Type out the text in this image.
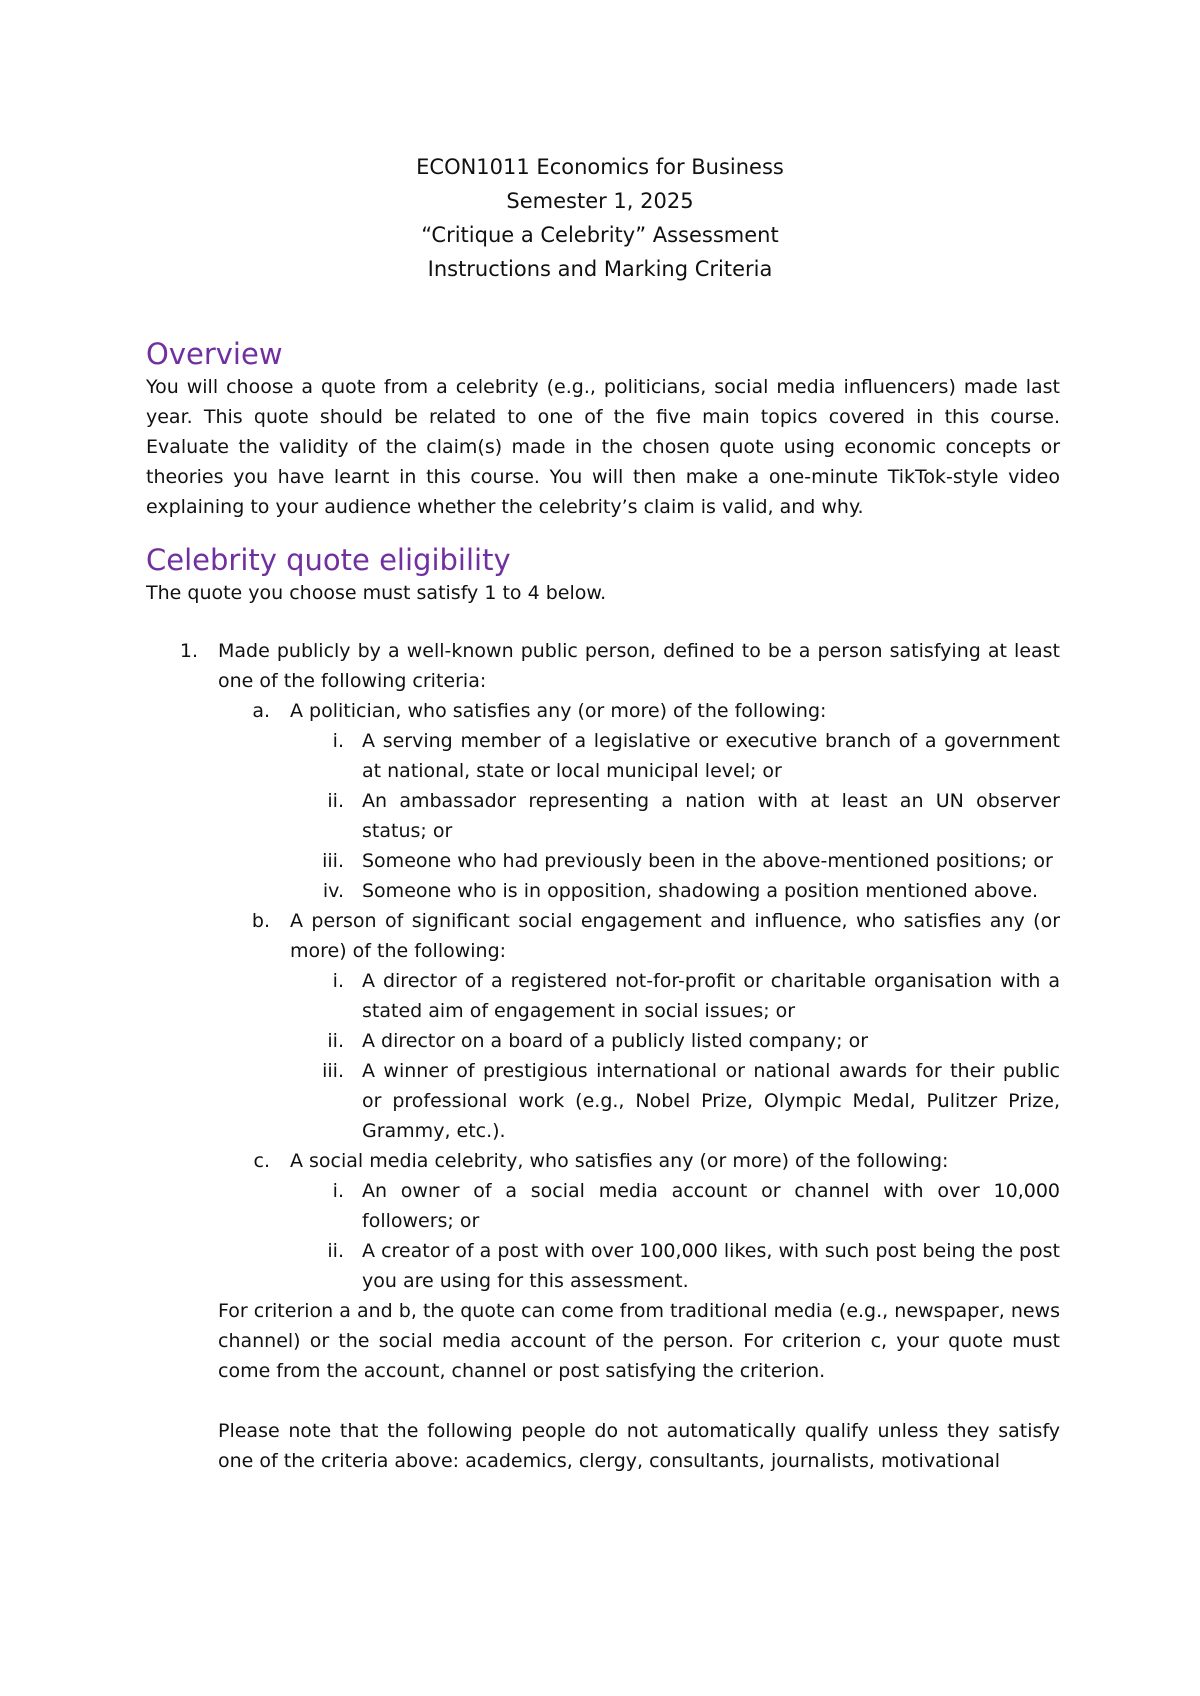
ECON1011 Economics for Business
Semester 1, 2025
“Critique a Celebrity” Assessment
Instructions and Marking Criteria
Overview

You will choose a quote from a celebrity (e.g., politicians, social media influencers) made last year. This quote should be related to one of the five main topics covered in this course. Evaluate the validity of the claim(s) made in the chosen quote using economic concepts or theories you have learnt in this course. You will then make a one-minute TikTok-style video explaining to your audience whether the celebrity’s claim is valid, and why.

Celebrity quote eligibility

The quote you choose must satisfy 1 to 4 below.

1. Made publicly by a well-known public person, defined to be a person satisfying at least one of the following criteria:
a. A politician, who satisfies any (or more) of the following:
i. A serving member of a legislative or executive branch of a government at national, state or local municipal level; or
ii. An ambassador representing a nation with at least an UN observer status; or
iii. Someone who had previously been in the above-mentioned positions; or
iv. Someone who is in opposition, shadowing a position mentioned above.
b. A person of significant social engagement and influence, who satisfies any (or more) of the following:
i. A director of a registered not-for-profit or charitable organisation with a stated aim of engagement in social issues; or
ii. A director on a board of a publicly listed company; or
iii. A winner of prestigious international or national awards for their public or professional work (e.g., Nobel Prize, Olympic Medal, Pulitzer Prize, Grammy, etc.).
c. A social media celebrity, who satisfies any (or more) of the following:
i. An owner of a social media account or channel with over 10,000 followers; or
ii. A creator of a post with over 100,000 likes, with such post being the post you are using for this assessment.

For criterion a and b, the quote can come from traditional media (e.g., newspaper, news channel) or the social media account of the person. For criterion c, your quote must come from the account, channel or post satisfying the criterion.

Please note that the following people do not automatically qualify unless they satisfy one of the criteria above: academics, clergy, consultants, journalists, motivational
